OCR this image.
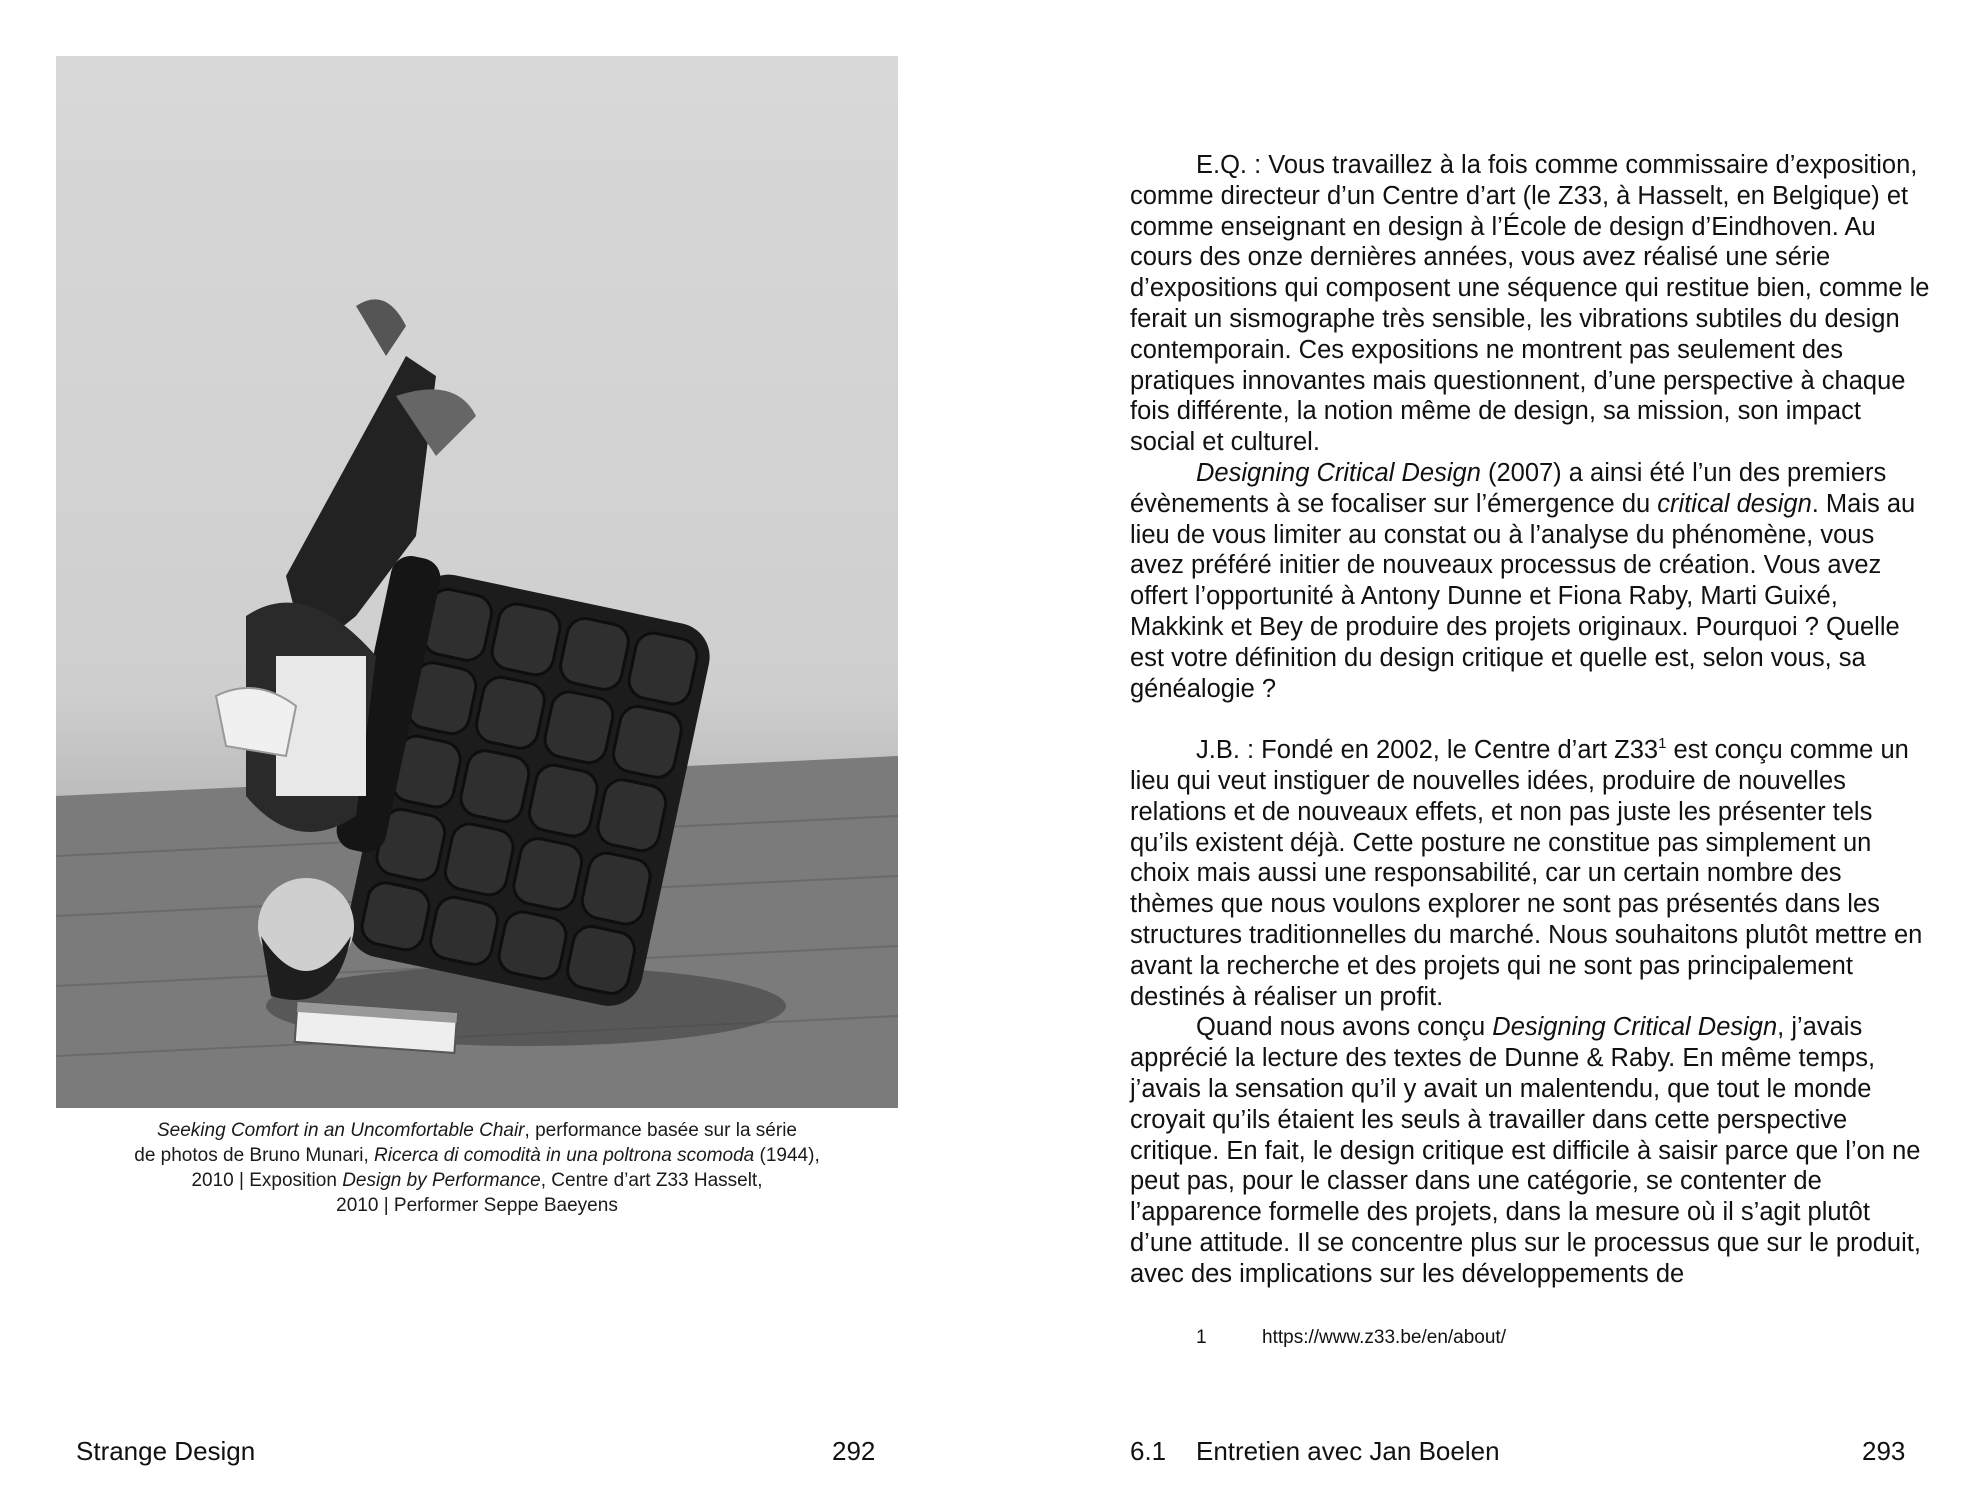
Seeking Comfort in an Uncomfortable Chair, performance basée sur la série
de photos de Bruno Munari, Ricerca di comodità in una poltrona scomoda (1944),
2010 | Exposition Design by Performance, Centre d’art Z33 Hasselt,
2010 | Performer Seppe Baeyens
Strange Design	292

E.Q. : Vous travaillez à la fois comme commissaire d’exposition, comme directeur d’un Centre d’art (le Z33, à Hasselt, en Belgique) et comme enseignant en design à l’École de design d’Eindhoven. Au cours des onze dernières années, vous avez réalisé une série d’expositions qui composent une séquence qui restitue bien, comme le ferait un sismographe très sensible, les vibrations subtiles du design contemporain. Ces expositions ne montrent pas seulement des pratiques innovantes mais questionnent, d’une perspective à chaque fois différente, la notion même de design, sa mission, son impact social et culturel.

Designing Critical Design (2007) a ainsi été l’un des premiers évènements à se focaliser sur l’émergence du critical design. Mais au lieu de vous limiter au constat ou à l’analyse du phénomène, vous avez préféré initier de nouveaux processus de création. Vous avez offert l’opportunité à Antony Dunne et Fiona Raby, Marti Guixé, Makkink et Bey de produire des projets originaux. Pourquoi ? Quelle est votre définition du design critique et quelle est, selon vous, sa généalogie ?

J.B. : Fondé en 2002, le Centre d’art $Z33^1$ est conçu comme un lieu qui veut instiguer de nouvelles idées, produire de nouvelles relations et de nouveaux effets, et non pas juste les présenter tels qu’ils existent déjà. Cette posture ne constitue pas simplement un choix mais aussi une responsabilité, car un certain nombre des thèmes que nous voulons explorer ne sont pas présentés dans les structures traditionnelles du marché. Nous souhaitons plutôt mettre en avant la recherche et des projets qui ne sont pas principalement destinés à réaliser un profit.

Quand nous avons conçu Designing Critical Design, j’avais apprécié la lecture des textes de Dunne & Raby. En même temps, j’avais la sensation qu’il y avait un malentendu, que tout le monde croyait qu’ils étaient les seuls à travailler dans cette perspective critique. En fait, le design critique est difficile à saisir parce que l’on ne peut pas, pour le classer dans une catégorie, se contenter de l’apparence formelle des projets, dans la mesure où il s’agit plutôt d’une attitude. Il se concentre plus sur le processus que sur le produit, avec des implications sur les développements de

1	https://www.z33.be/en/about/
6.1 Entretien avec Jan Boelen	293
